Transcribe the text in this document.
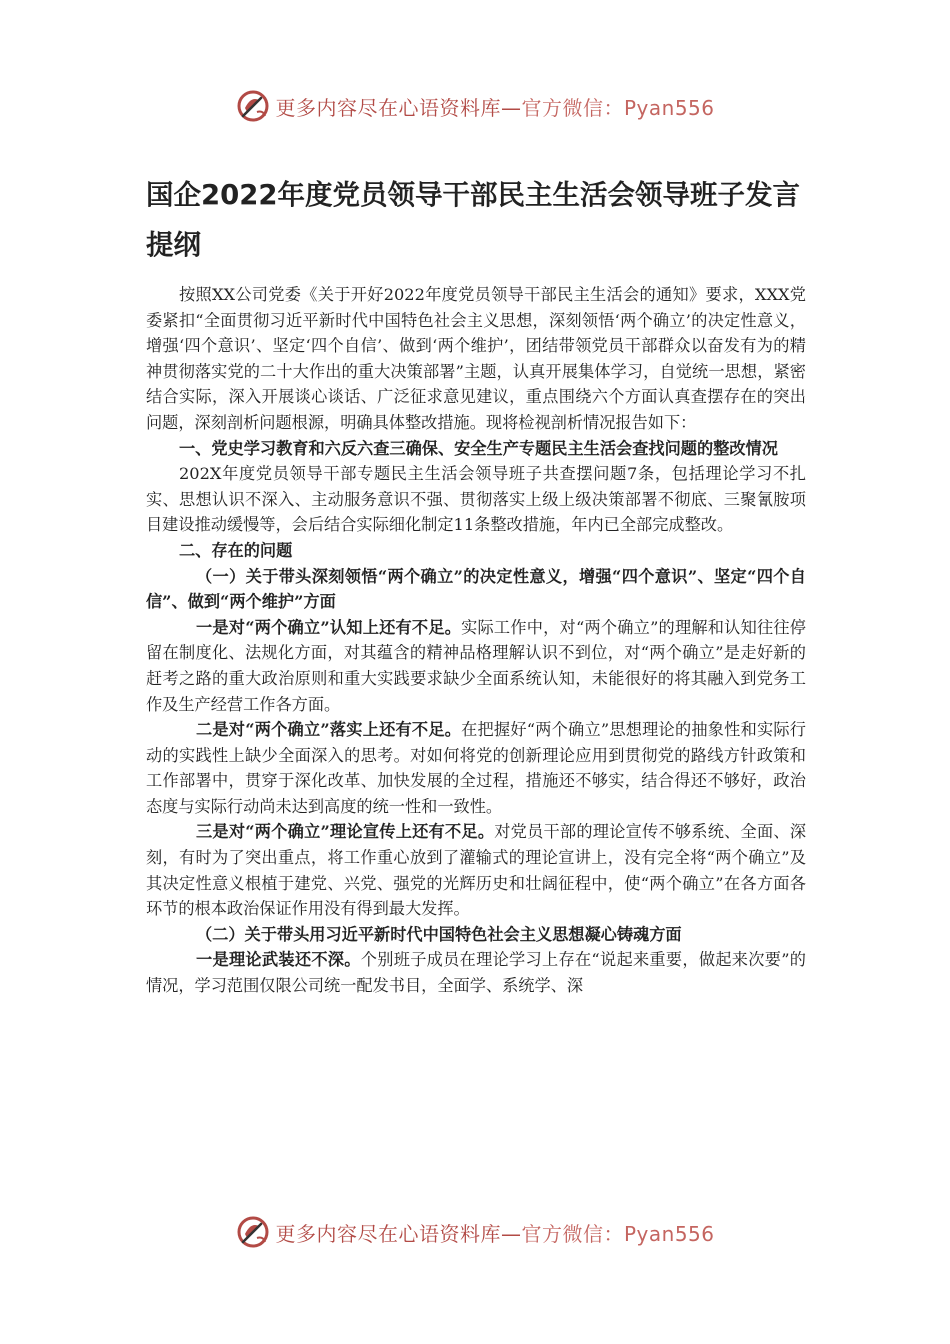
更多内容尽在心语资料库—官方微信：Pyan556
国企2022年度党员领导干部民主生活会领导班子发言提纲

按照XX公司党委《关于开好2022年度党员领导干部民主生活会的通知》要求，XXX党委紧扣“全面贯彻习近平新时代中国特色社会主义思想，深刻领悟‘两个确立’的决定性意义，增强‘四个意识’、坚定‘四个自信’、做到‘两个维护’，团结带领党员干部群众以奋发有为的精神贯彻落实党的二十大作出的重大决策部署”主题，认真开展集体学习，自觉统一思想，紧密结合实际，深入开展谈心谈话、广泛征求意见建议，重点围绕六个方面认真查摆存在的突出问题，深刻剖析问题根源，明确具体整改措施。现将检视剖析情况报告如下：

一、党史学习教育和六反六查三确保、安全生产专题民主生活会查找问题的整改情况

202X年度党员领导干部专题民主生活会领导班子共查摆问题7条，包括理论学习不扎实、思想认识不深入、主动服务意识不强、贯彻落实上级上级决策部署不彻底、三聚氰胺项目建设推动缓慢等，会后结合实际细化制定11条整改措施，年内已全部完成整改。

二、存在的问题

（一）关于带头深刻领悟“两个确立”的决定性意义，增强“四个意识”、坚定“四个自信”、做到“两个维护”方面

一是对“两个确立”认知上还有不足。实际工作中，对“两个确立”的理解和认知往往停留在制度化、法规化方面，对其蕴含的精神品格理解认识不到位，对“两个确立”是走好新的赶考之路的重大政治原则和重大实践要求缺少全面系统认知，未能很好的将其融入到党务工作及生产经营工作各方面。

二是对“两个确立”落实上还有不足。在把握好“两个确立”思想理论的抽象性和实际行动的实践性上缺少全面深入的思考。对如何将党的创新理论应用到贯彻党的路线方针政策和工作部署中，贯穿于深化改革、加快发展的全过程，措施还不够实，结合得还不够好，政治态度与实际行动尚未达到高度的统一性和一致性。

三是对“两个确立”理论宣传上还有不足。对党员干部的理论宣传不够系统、全面、深刻，有时为了突出重点，将工作重心放到了灌输式的理论宣讲上，没有完全将“两个确立”及其决定性意义根植于建党、兴党、强党的光辉历史和壮阔征程中，使“两个确立”在各方面各环节的根本政治保证作用没有得到最大发挥。

（二）关于带头用习近平新时代中国特色社会主义思想凝心铸魂方面

一是理论武装还不深。个别班子成员在理论学习上存在“说起来重要，做起来次要”的情况，学习范围仅限公司统一配发书目，全面学、系统学、深

更多内容尽在心语资料库—官方微信：Pyan556
